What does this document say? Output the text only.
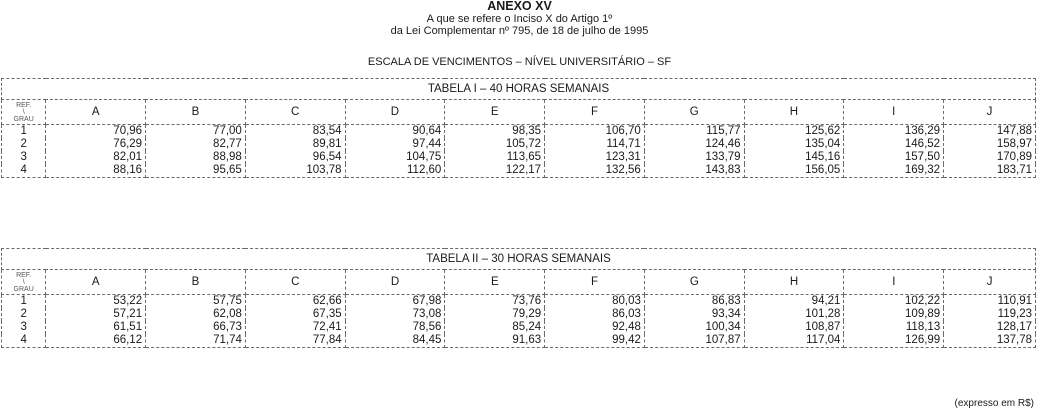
ANEXO XV
A que se refere o Inciso X do Artigo 1º
da Lei Complementar nº 795, de 18 de julho de 1995
ESCALA DE VENCIMENTOS – NÍVEL UNIVERSITÁRIO – SF
TABELA I – 40 HORAS SEMANAIS										

REF.
\
GRAU	A	B	C	D	E	F	G	H	I	J
1	70,96	77,00	83,54	90,64	98,35	106,70	115,77	125,62	136,29	147,88
2	76,29	82,77	89,81	97,44	105,72	114,71	124,46	135,04	146,52	158,97
3	82,01	88,98	96,54	104,75	113,65	123,31	133,79	145,16	157,50	170,89
4	88,16	95,65	103,78	112,60	122,17	132,56	143,83	156,05	169,32	183,71
TABELA II – 30 HORAS SEMANAIS										

REF.
\
GRAU	A	B	C	D	E	F	G	H	I	J
1	53,22	57,75	62,66	67,98	73,76	80,03	86,83	94,21	102,22	110,91
2	57,21	62,08	67,35	73,08	79,29	86,03	93,34	101,28	109,89	119,23
3	61,51	66,73	72,41	78,56	85,24	92,48	100,34	108,87	118,13	128,17
4	66,12	71,74	77,84	84,45	91,63	99,42	107,87	117,04	126,99	137,78
(expresso em R$)
